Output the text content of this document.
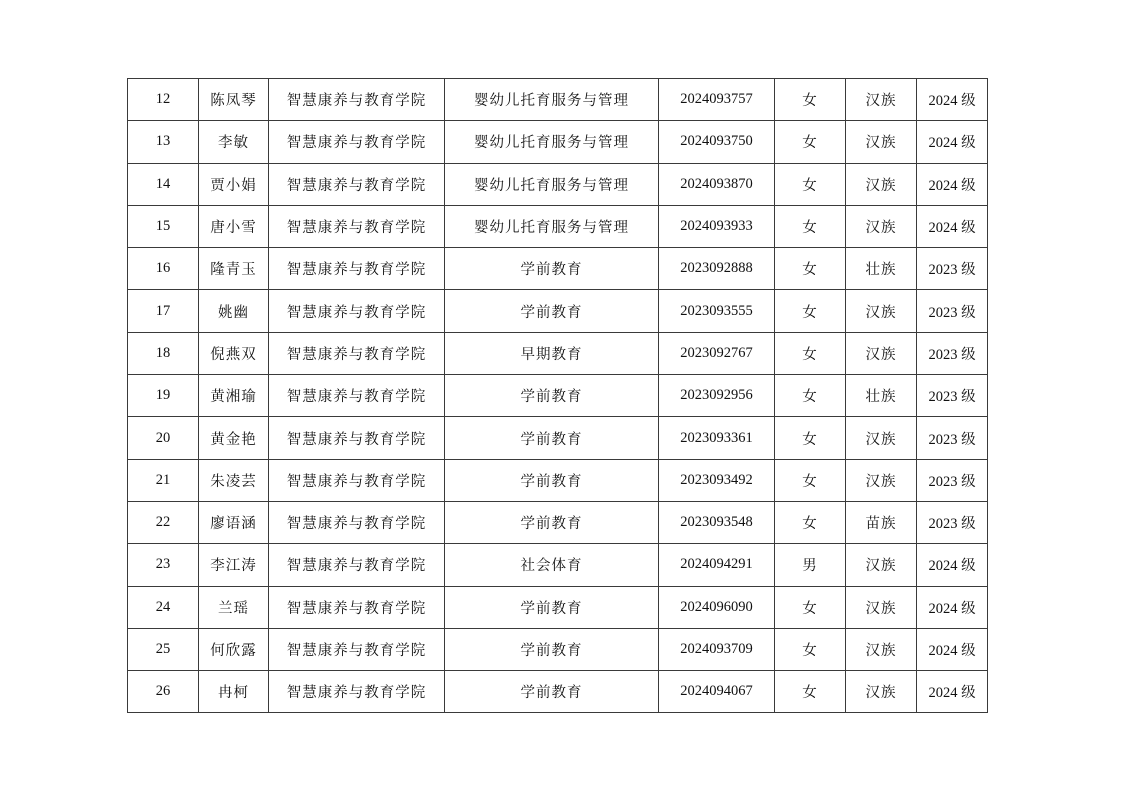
12	陈凤琴	智慧康养与教育学院	婴幼儿托育服务与管理	2024093757	女	汉族	2024 级
13	李敏	智慧康养与教育学院	婴幼儿托育服务与管理	2024093750	女	汉族	2024 级
14	贾小娟	智慧康养与教育学院	婴幼儿托育服务与管理	2024093870	女	汉族	2024 级
15	唐小雪	智慧康养与教育学院	婴幼儿托育服务与管理	2024093933	女	汉族	2024 级
16	隆青玉	智慧康养与教育学院	学前教育	2023092888	女	壮族	2023 级
17	姚幽	智慧康养与教育学院	学前教育	2023093555	女	汉族	2023 级
18	倪燕双	智慧康养与教育学院	早期教育	2023092767	女	汉族	2023 级
19	黄湘瑜	智慧康养与教育学院	学前教育	2023092956	女	壮族	2023 级
20	黄金艳	智慧康养与教育学院	学前教育	2023093361	女	汉族	2023 级
21	朱凌芸	智慧康养与教育学院	学前教育	2023093492	女	汉族	2023 级
22	廖语涵	智慧康养与教育学院	学前教育	2023093548	女	苗族	2023 级
23	李江涛	智慧康养与教育学院	社会体育	2024094291	男	汉族	2024 级
24	兰瑶	智慧康养与教育学院	学前教育	2024096090	女	汉族	2024 级
25	何欣露	智慧康养与教育学院	学前教育	2024093709	女	汉族	2024 级
26	冉柯	智慧康养与教育学院	学前教育	2024094067	女	汉族	2024 级
